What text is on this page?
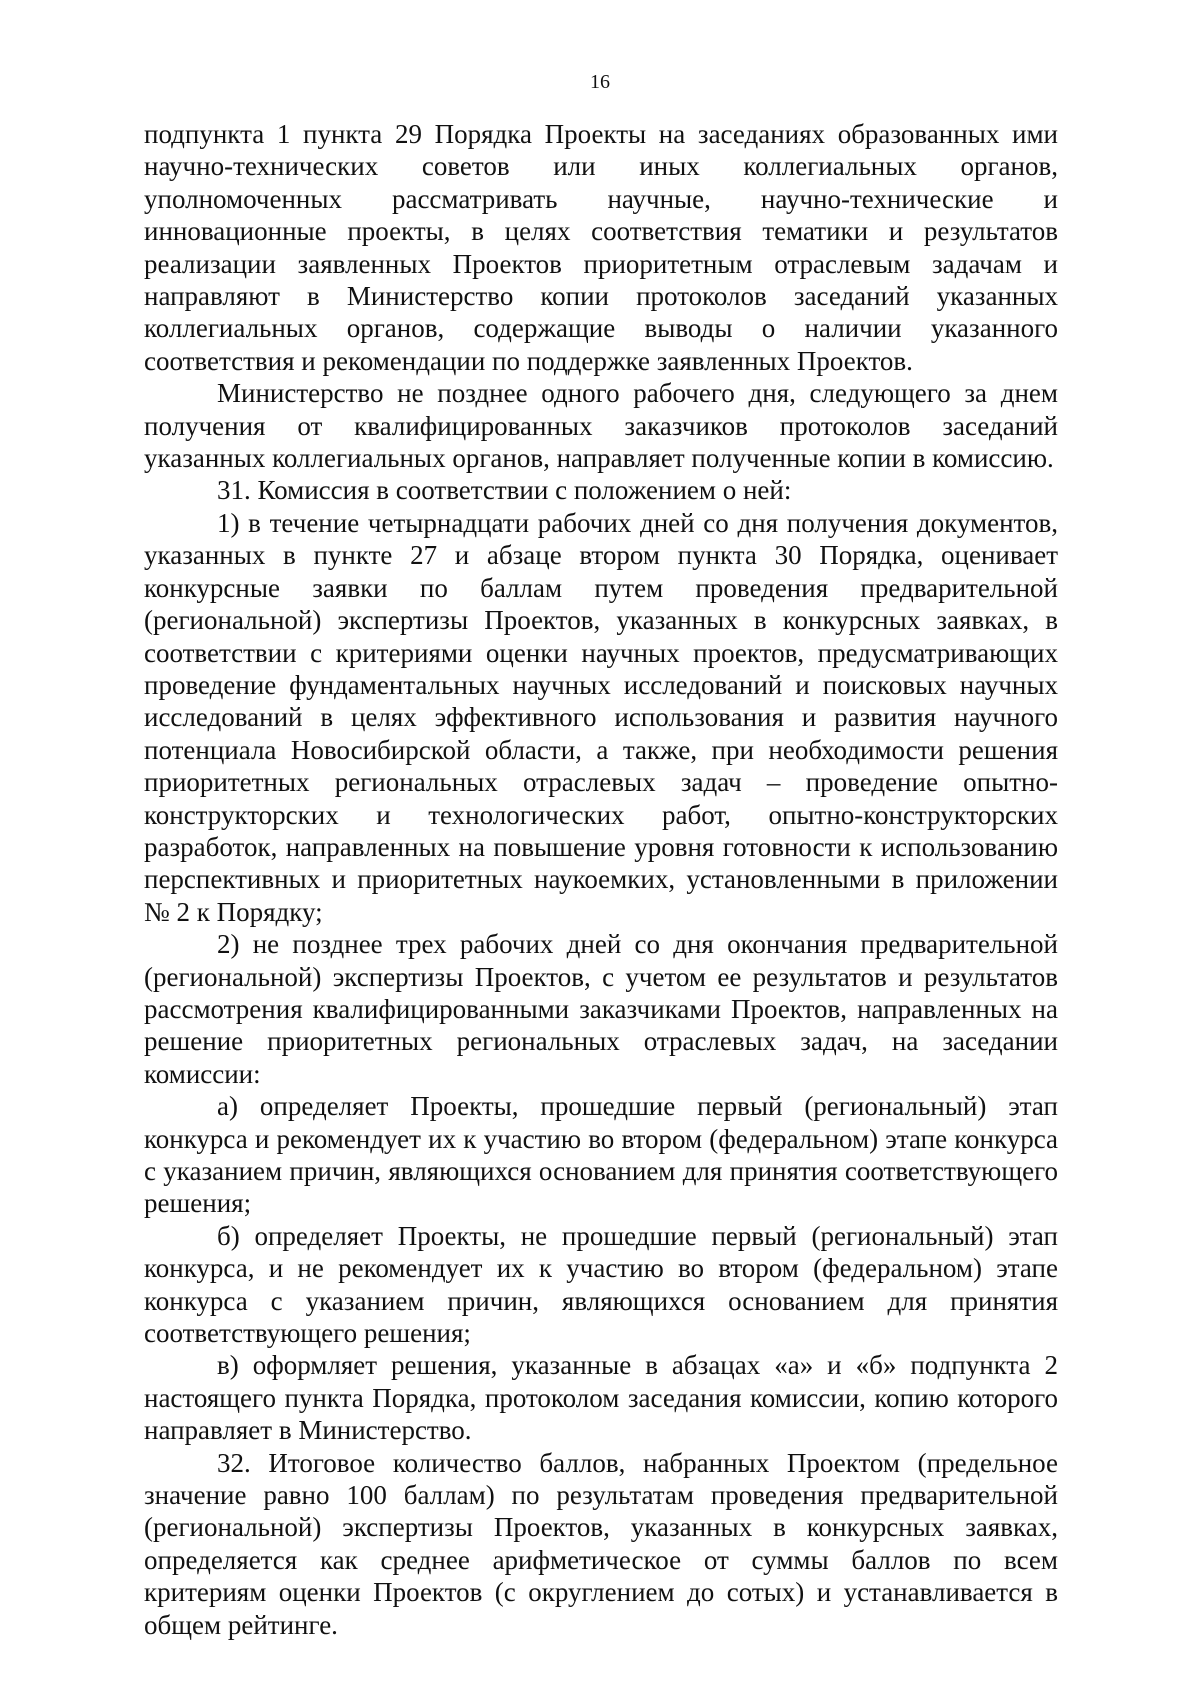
16

подпункта 1 пункта 29 Порядка Проекты на заседаниях образованных ими научно-технических советов или иных коллегиальных органов, уполномоченных рассматривать научные, научно-технические и инновационные проекты, в целях соответствия тематики и результатов реализации заявленных Проектов приоритетным отраслевым задачам и направляют в Министерство копии протоколов заседаний указанных коллегиальных органов, содержащие выводы о наличии указанного соответствия и рекомендации по поддержке заявленных Проектов.

Министерство не позднее одного рабочего дня, следующего за днем получения от квалифицированных заказчиков протоколов заседаний указанных коллегиальных органов, направляет полученные копии в комиссию.

31. Комиссия в соответствии с положением о ней:

1) в течение четырнадцати рабочих дней со дня получения документов, указанных в пункте 27 и абзаце втором пункта 30 Порядка, оценивает конкурсные заявки по баллам путем проведения предварительной (региональной) экспертизы Проектов, указанных в конкурсных заявках, в соответствии с критериями оценки научных проектов, предусматривающих проведение фундаментальных научных исследований и поисковых научных исследований в целях эффективного использования и развития научного потенциала Новосибирской области, а также, при необходимости решения приоритетных региональных отраслевых задач – проведение опытно-конструкторских и технологических работ, опытно-конструкторских разработок, направленных на повышение уровня готовности к использованию перспективных и приоритетных наукоемких, установленными в приложении № 2 к Порядку;

2) не позднее трех рабочих дней со дня окончания предварительной (региональной) экспертизы Проектов, с учетом ее результатов и результатов рассмотрения квалифицированными заказчиками Проектов, направленных на решение приоритетных региональных отраслевых задач, на заседании комиссии:

а) определяет Проекты, прошедшие первый (региональный) этап конкурса и рекомендует их к участию во втором (федеральном) этапе конкурса с указанием причин, являющихся основанием для принятия соответствующего решения;

б) определяет Проекты, не прошедшие первый (региональный) этап конкурса, и не рекомендует их к участию во втором (федеральном) этапе конкурса с указанием причин, являющихся основанием для принятия соответствующего решения;

в) оформляет решения, указанные в абзацах «а» и «б» подпункта 2 настоящего пункта Порядка, протоколом заседания комиссии, копию которого направляет в Министерство.

32. Итоговое количество баллов, набранных Проектом (предельное значение равно 100 баллам) по результатам проведения предварительной (региональной) экспертизы Проектов, указанных в конкурсных заявках, определяется как среднее арифметическое от суммы баллов по всем критериям оценки Проектов (с округлением до сотых) и устанавливается в общем рейтинге.
